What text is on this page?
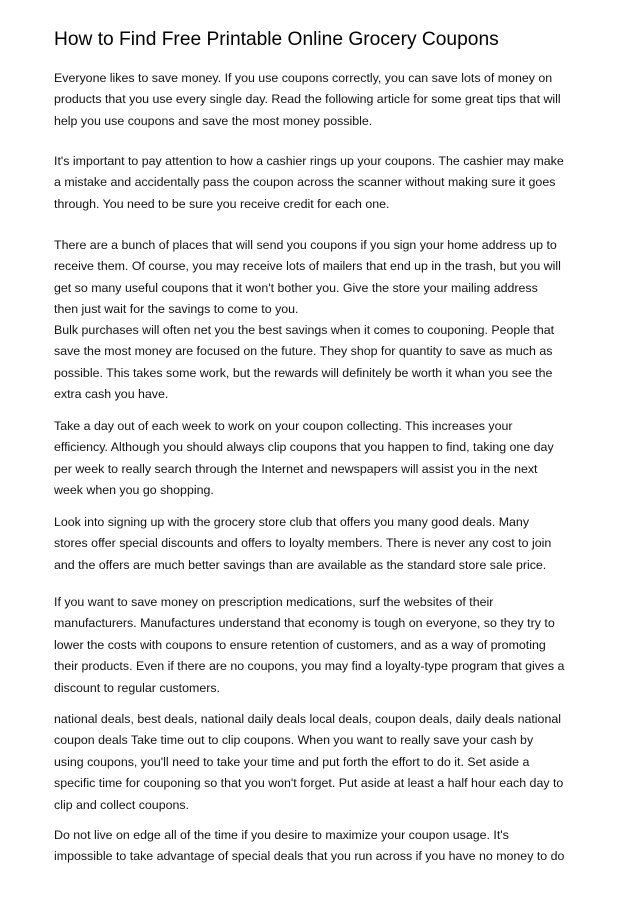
How to Find Free Printable Online Grocery Coupons
Everyone likes to save money. If you use coupons correctly, you can save lots of money on
products that you use every single day. Read the following article for some great tips that will
help you use coupons and save the most money possible.
It's important to pay attention to how a cashier rings up your coupons. The cashier may make
a mistake and accidentally pass the coupon across the scanner without making sure it goes
through. You need to be sure you receive credit for each one.
There are a bunch of places that will send you coupons if you sign your home address up to
receive them. Of course, you may receive lots of mailers that end up in the trash, but you will
get so many useful coupons that it won't bother you. Give the store your mailing address
then just wait for the savings to come to you.
Bulk purchases will often net you the best savings when it comes to couponing. People that
save the most money are focused on the future. They shop for quantity to save as much as
possible. This takes some work, but the rewards will definitely be worth it whan you see the
extra cash you have.
Take a day out of each week to work on your coupon collecting. This increases your
efficiency. Although you should always clip coupons that you happen to find, taking one day
per week to really search through the Internet and newspapers will assist you in the next
week when you go shopping.
Look into signing up with the grocery store club that offers you many good deals. Many
stores offer special discounts and offers to loyalty members. There is never any cost to join
and the offers are much better savings than are available as the standard store sale price.
If you want to save money on prescription medications, surf the websites of their
manufacturers. Manufactures understand that economy is tough on everyone, so they try to
lower the costs with coupons to ensure retention of customers, and as a way of promoting
their products. Even if there are no coupons, you may find a loyalty-type program that gives a
discount to regular customers.
national deals, best deals, national daily deals local deals, coupon deals, daily deals national
coupon deals Take time out to clip coupons. When you want to really save your cash by
using coupons, you'll need to take your time and put forth the effort to do it. Set aside a
specific time for couponing so that you won't forget. Put aside at least a half hour each day to
clip and collect coupons.
Do not live on edge all of the time if you desire to maximize your coupon usage. It's
impossible to take advantage of special deals that you run across if you have no money to do
